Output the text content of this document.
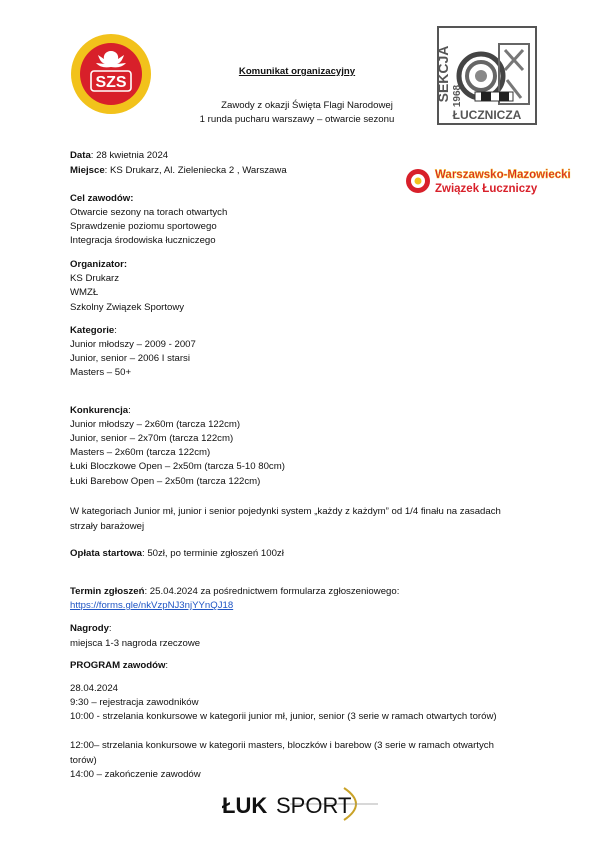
SZS	SEKCJA 1968
ŁUCZNICZA
Warszawsko-Mazowiecki
Związek Łuczniczy
ŁUK SPORT
Komunikat organizacyjny
Zawody z okazji Święta Flagi Narodowej
1 runda pucharu warszawy – otwarcie sezonu
Data: 28 kwietnia 2024
Miejsce: KS Drukarz, Al. Zieleniecka 2 , Warszawa
Cel zawodów:
Otwarcie sezony na torach otwartych
Sprawdzenie poziomu sportowego
Integracja środowiska łuczniczego
Organizator:
KS Drukarz
WMZŁ
Szkolny Związek Sportowy
Kategorie:
Junior młodszy – 2009 - 2007
Junior, senior – 2006 I starsi
Masters – 50+
Konkurencja:
Junior młodszy – 2x60m (tarcza 122cm)
Junior, senior – 2x70m (tarcza 122cm)
Masters – 2x60m (tarcza 122cm)
Łuki Bloczkowe Open – 2x50m (tarcza 5-10 80cm)
Łuki Barebow Open – 2x50m (tarcza 122cm)
W kategoriach Junior mł, junior i senior pojedynki system „każdy z każdym” od 1/4 finału na zasadach strzały barażowej
Opłata startowa: 50zł, po terminie zgłoszeń 100zł
Termin zgłoszeń: 25.04.2024 za pośrednictwem formularza zgłoszeniowego:
https://forms.gle/nkVzpNJ3njYYnQJ18
Nagrody:
miejsca 1-3 nagroda rzeczowe
PROGRAM zawodów:
28.04.2024
9:30 – rejestracja zawodników
10:00 - strzelania konkursowe w kategorii junior mł, junior, senior (3 serie w ramach otwartych torów)
12:00– strzelania konkursowe w kategorii masters, bloczków i barebow (3 serie w ramach otwartych torów)
14:00 – zakończenie zawodów
